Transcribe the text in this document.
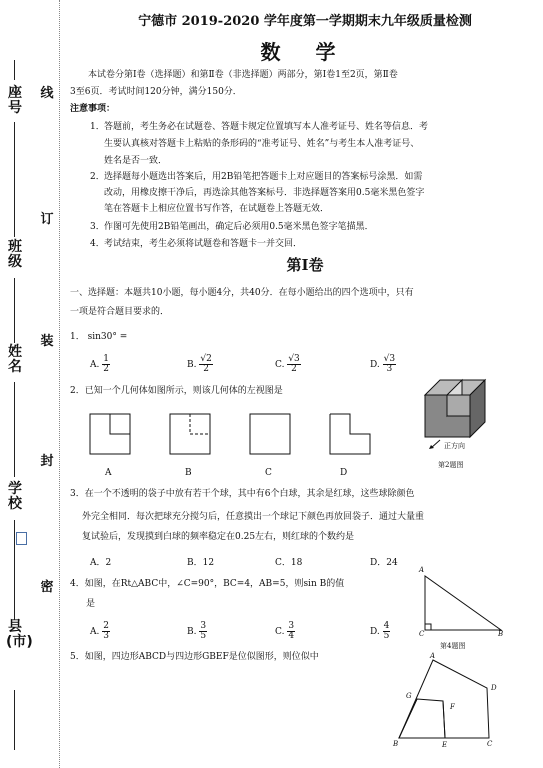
座号
班 级
姓 名
学 校
县(市)
线
订
装
封
密
宁德市 2019-2020 学年度第一学期期末九年级质量检测
数 学
本试卷分第Ⅰ卷（选择题）和第Ⅱ卷（非选择题）两部分，第Ⅰ卷1至2页，第Ⅱ卷
3至6页．考试时间120分钟，满分150分．
注意事项：
1． 答题前，考生务必在试题卷、答题卡规定位置填写本人准考证号、姓名等信息．考
生要认真核对答题卡上粘贴的条形码的“准考证号、姓名”与考生本人准考证号、
姓名是否一致．
2． 选择题每小题选出答案后，用2B铅笔把答题卡上对应题目的答案标号涂黑．如需
改动，用橡皮擦干净后，再选涂其他答案标号．非选择题答案用0.5毫米黑色签字
笔在答题卡上相应位置书写作答，在试题卷上答题无效．
3． 作图可先使用2B铅笔画出，确定后必须用0.5毫米黑色签字笔描黑．
4． 考试结束，考生必须将试题卷和答题卡一并交回．
第Ⅰ卷
一、选择题：本题共10小题，每小题4分，共40分．在每小题给出的四个选项中，只有
一项是符合题目要求的．
1． sin30° =
A. $\frac{1}{2}$	B. $\frac{√2}{2}$	C. $\frac{√3}{2}$	D. $\frac{√3}{3}$
2．已知一个几何体如图所示，则该几何体的左视图是
A	B	C	D
正方向
第2题图
3．在一个不透明的袋子中放有若干个球，其中有6个白球，其余是红球，这些球除颜色
外完全相同．每次把球充分搅匀后，任意摸出一个球记下颜色再放回袋子．通过大量重
复试验后，发现摸到白球的频率稳定在0.25左右，则红球的个数约是
A．2	B．12	C．18	D．24
4．如图，在Rt△ABC中，∠C=90°，BC=4，AB=5，则sin B的值
是
A. $\frac{2}{3}$	B. $\frac{3}{5}$	C. $\frac{3}{4}$	D. $\frac{4}{5}$
A
C	B
第4题图
5．如图，四边形ABCD与四边形GBEF是位似图形，则位似中	A
D
G
F
B	E	C
